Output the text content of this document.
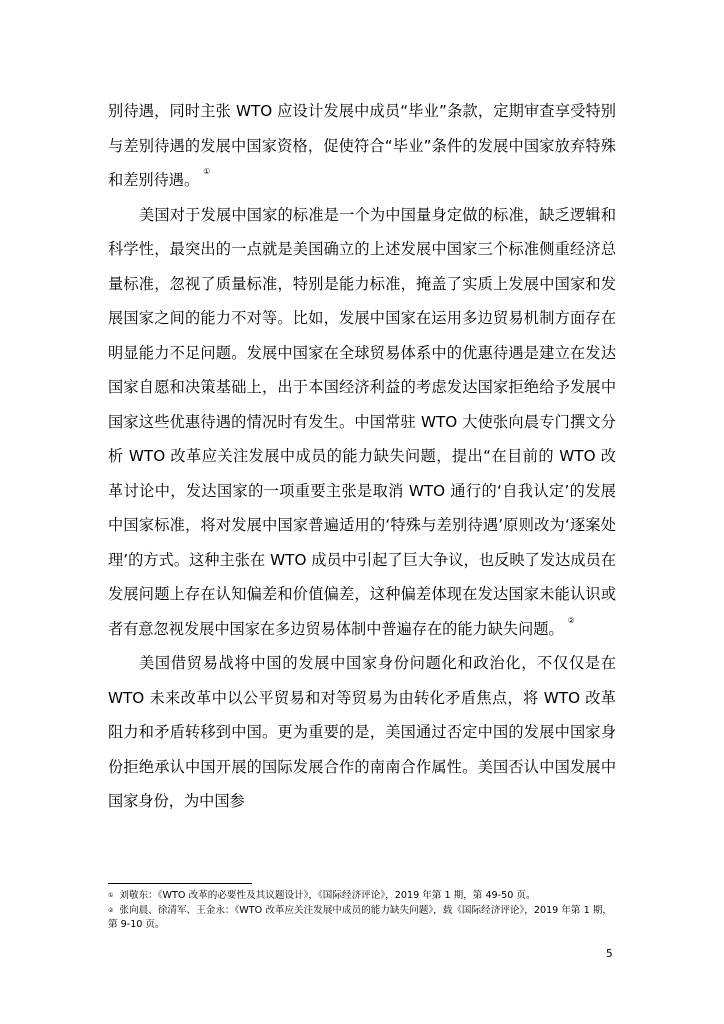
别待遇，同时主张 WTO 应设计发展中成员“毕业”条款，定期审查享受特别与差别待遇的发展中国家资格，促使符合“毕业”条件的发展中国家放弃特殊和差别待遇。 ①

美国对于发展中国家的标准是一个为中国量身定做的标准，缺乏逻辑和科学性，最突出的一点就是美国确立的上述发展中国家三个标准侧重经济总量标准，忽视了质量标准，特别是能力标准，掩盖了实质上发展中国家和发展国家之间的能力不对等。比如，发展中国家在运用多边贸易机制方面存在明显能力不足问题。发展中国家在全球贸易体系中的优惠待遇是建立在发达国家自愿和决策基础上，出于本国经济利益的考虑发达国家拒绝给予发展中国家这些优惠待遇的情况时有发生。中国常驻 WTO 大使张向晨专门撰文分析 WTO 改革应关注发展中成员的能力缺失问题，提出“在目前的 WTO 改革讨论中，发达国家的一项重要主张是取消 WTO 通行的‘自我认定’的发展中国家标准，将对发展中国家普遍适用的‘特殊与差别待遇’原则改为‘逐案处理’的方式。这种主张在 WTO 成员中引起了巨大争议，也反映了发达成员在发展问题上存在认知偏差和价值偏差，这种偏差体现在发达国家未能认识或者有意忽视发展中国家在多边贸易体制中普遍存在的能力缺失问题。 ②

美国借贸易战将中国的发展中国家身份问题化和政治化，不仅仅是在 WTO 未来改革中以公平贸易和对等贸易为由转化矛盾焦点，将 WTO 改革阻力和矛盾转移到中国。更为重要的是，美国通过否定中国的发展中国家身份拒绝承认中国开展的国际发展合作的南南合作属性。美国否认中国发展中国家身份，为中国参

① 刘敬东：《WTO 改革的必要性及其议题设计》，《国际经济评论》，2019 年第 1 期，第 49-50 页。

② 张向晨、徐清军、王金永：《WTO 改革应关注发展中成员的能力缺失问题》，载《国际经济评论》，2019 年第 1 期，第 9-10 页。

5
